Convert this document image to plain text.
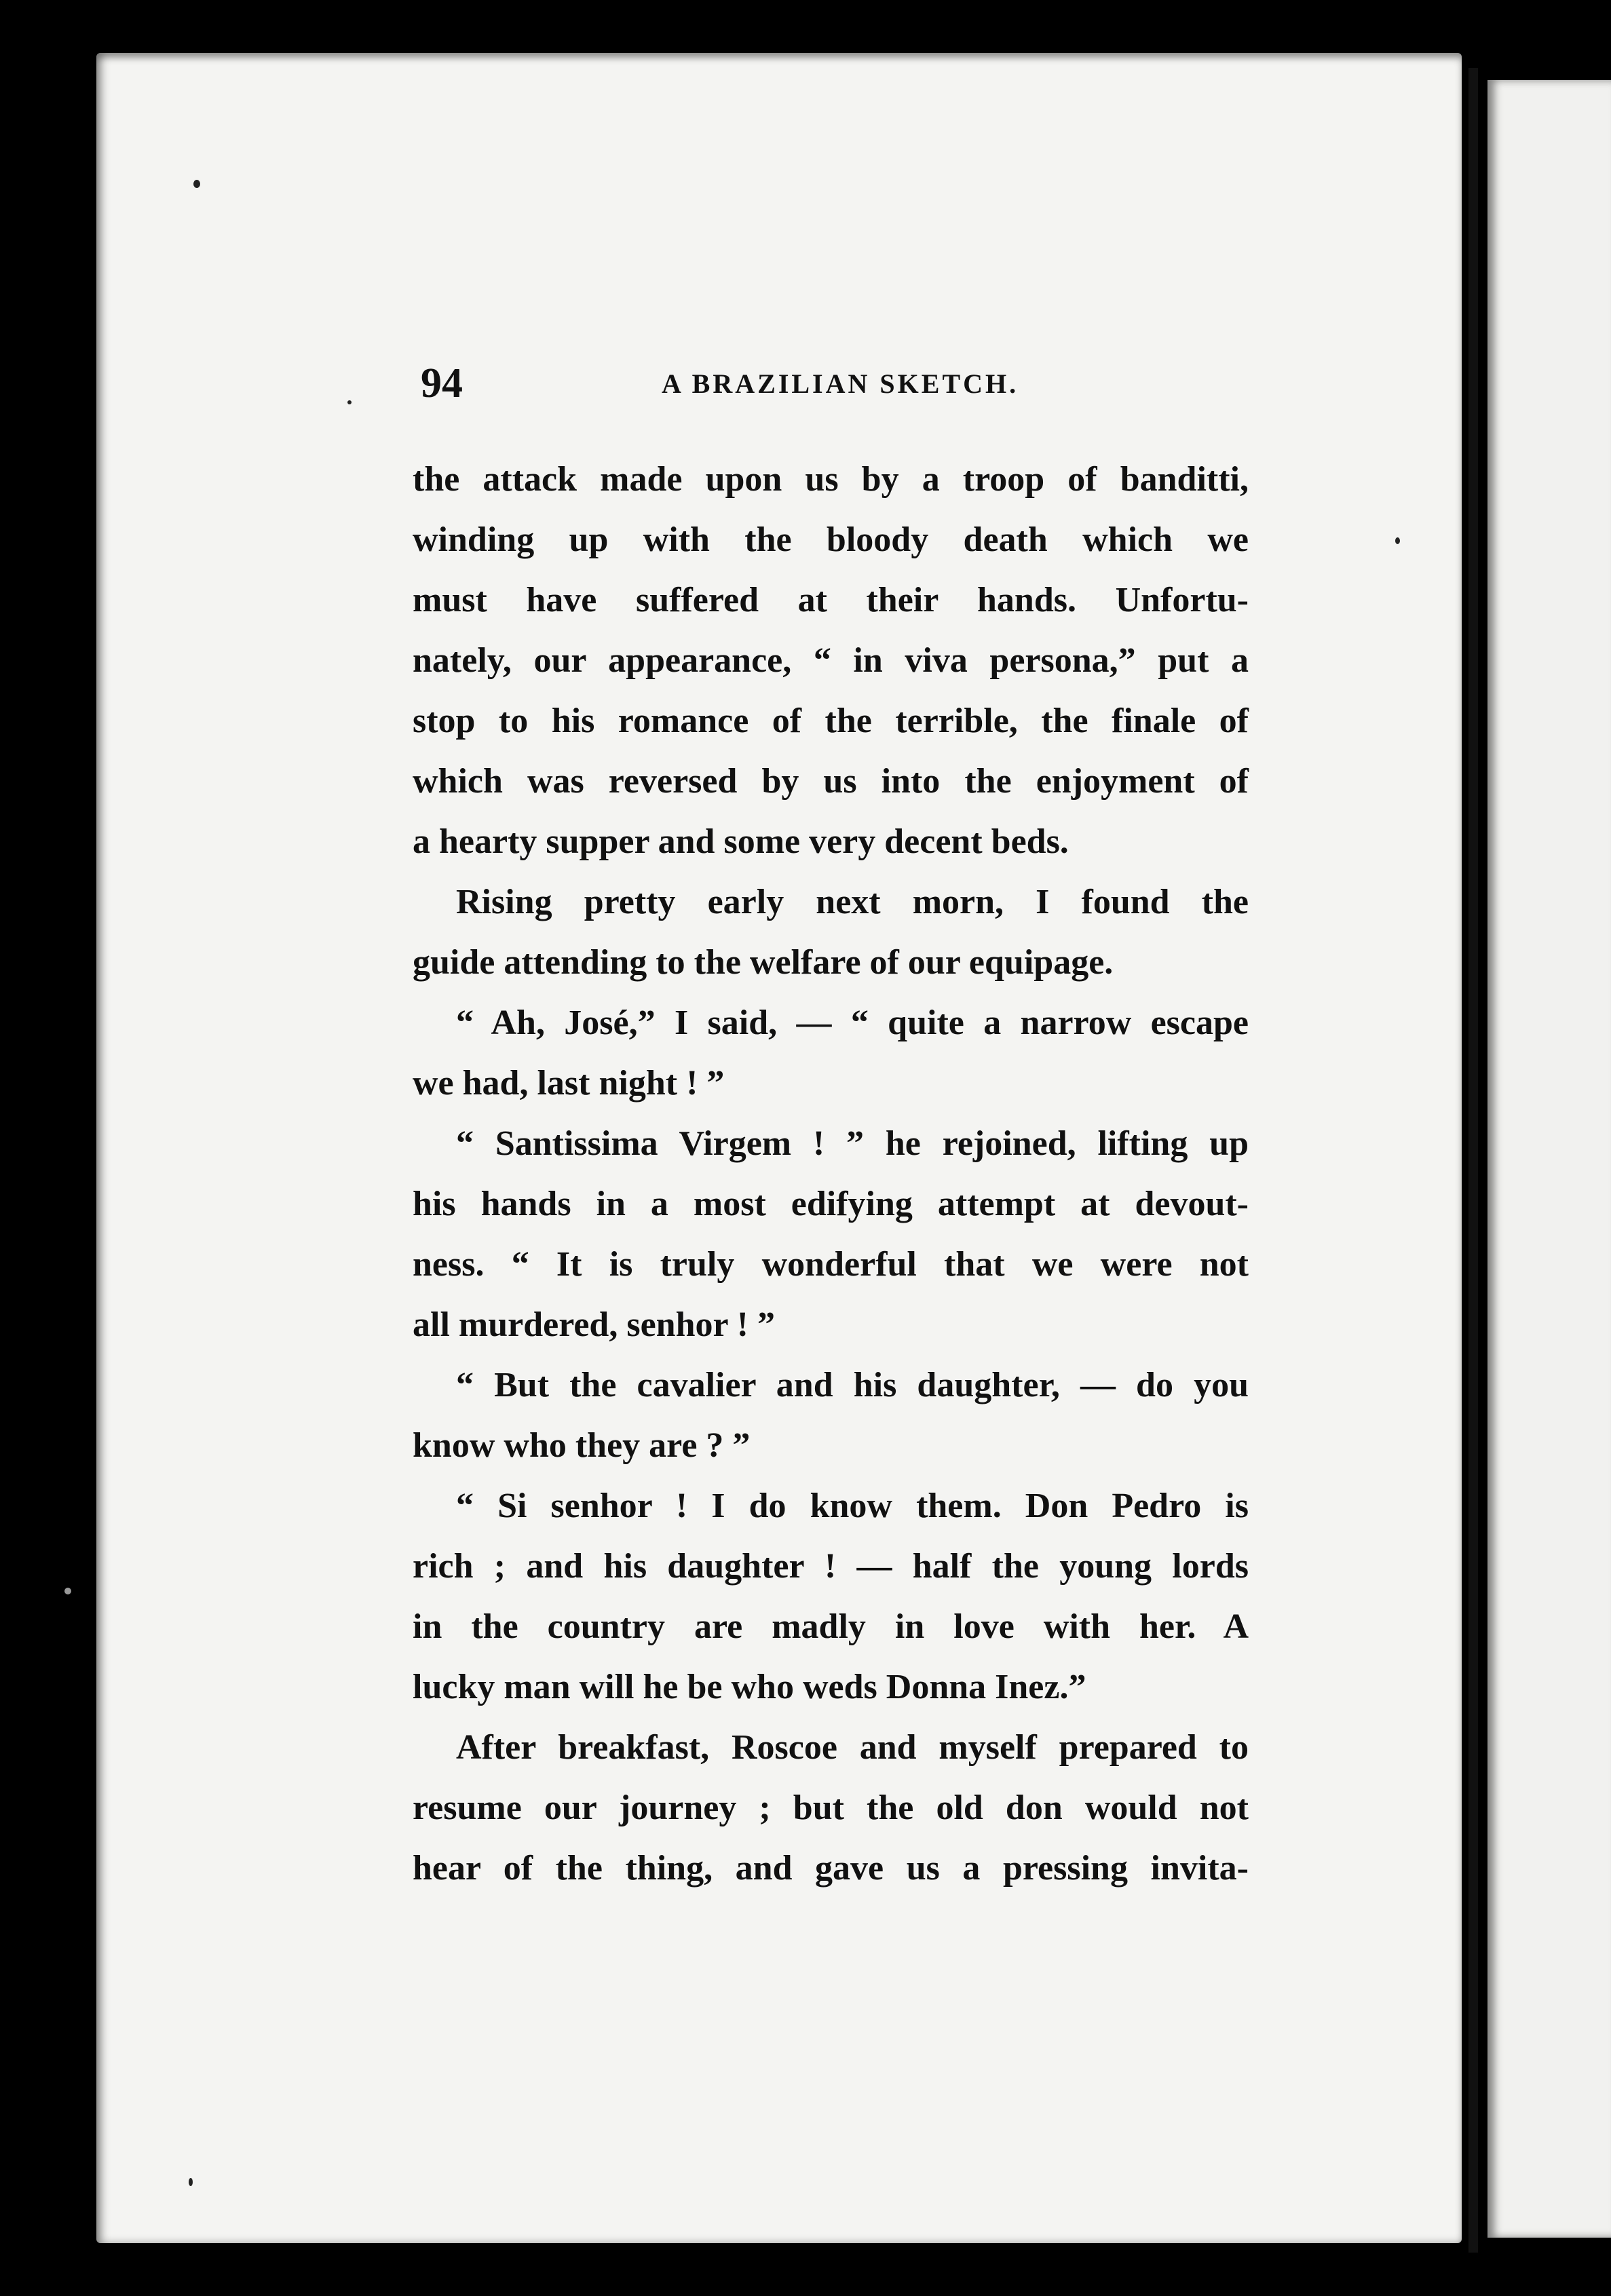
94	A BRAZILIAN SKETCH.
the attack made upon us by a troop of banditti,
winding up with the bloody death which we
must have suffered at their hands. Unfortu-
nately, our appearance, “ in viva persona,” put a
stop to his romance of the terrible, the finale of
which was reversed by us into the enjoyment of
a hearty supper and some very decent beds.
Rising pretty early next morn, I found the
guide attending to the welfare of our equipage.
“ Ah, José,” I said, — “ quite a narrow escape
we had, last night ! ”
“ Santissima Virgem ! ” he rejoined, lifting up
his hands in a most edifying attempt at devout-
ness. “ It is truly wonderful that we were not
all murdered, senhor ! ”
“ But the cavalier and his daughter, — do you
know who they are ? ”
“ Si senhor ! I do know them. Don Pedro is
rich ; and his daughter ! — half the young lords
in the country are madly in love with her. A
lucky man will he be who weds Donna Inez.”
After breakfast, Roscoe and myself prepared to
resume our journey ; but the old don would not
hear of the thing, and gave us a pressing invita-
